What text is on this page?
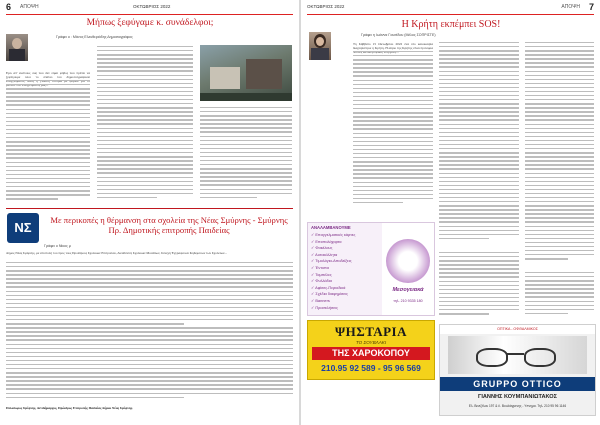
6 ΑΠΟΨΗ	ΟΚΤΩΒΡΙΟΣ 2022
Μήπως ξεφύγαμε κ. συνάδελφοι;
Γράφει ο : Μάνος Ελευθεριάδης Δημοσιογράφος
Εγώ απ' εκείνους σας που δεν είμαι φόβος που πρέπει να ξεφύγουμε όλοι το σπάνιο του δημοσιογραφικού
ΝΣ	Με περικοπές η θέρμανση στα σχολεία της Νέας Σμύρνης - Σμύρνης Πρ. Δημοτικής επιτροπής Παιδείας
Γράφει ο Νίκος μ
Δήμος Νέας Σμύρνης, με επιστολή του προς τους Προέδρους Σχολικών Επιτροπών, Διευθυντές Σχολικών Μονάδων, Συνεχή Έγγραφα και Κηδεμόνων των Σχολείων...
Πελοδωρος Σμύρνης, Αντιδήμαρχος, Πρόεδρος Επιτροπής Παιδείας Δήμου Νέας Σμύρνης.
ΟΚΤΩΒΡΙΟΣ 2022	ΑΠΟΨΗ 7
Η Κρήτη εκπέμπει SOS!
Γράφει η Ιωάννα Γουσίδου (Μέλος ΣΟΠΡΙΣΤΕ)
Τη Σάββατο 15 Οκτωβρίου 2022 ένα νέο κακοκαιρία διαχειρίστηκε η Κρήτη. Η αύριο της Κρήτης είναι προνόμια
ΑΝΑΛΑΜΒΑΝΟΥΜΕ
✓ Επαγγελματικές κάρτες
✓ Επιστολόχαρτα
✓ Φακέλους
✓ Αυτοκόλλητα
✓ Τιμολόγια-Αποδείξεις
✓ Έντυπα
✓ Ταμπέλες
✓ Φυλλάδια
✓ Αφίσες-Περιοδικά
✓ Σχέδια διαφημίσεις
✓ Banners
✓ Προσκλήσεις
Μεσογειακά
τηλ. 210 9335 180
ΨΗΣΤΑΡΙΑ
ΤΟ ΣΟΥΒΛΑΚΙ
ΤΗΣ ΧΑΡΟΚΟΠΟΥ
210.95 92 589 - 95 96 569
ΟΠΤΙΚΑ - ΟΦΘΑΛΜΙΚΟΣ
GRUPPO OTTICO
ΓΙΑΝΝΗΣ ΚΟΥΜΠΑΝΙΩΤΑΚΟΣ
Ελ. Βενιζέλου 197 & Λ. Βουλιάγμενης - Υπνημα. Τηλ. 210 95 96 1146
